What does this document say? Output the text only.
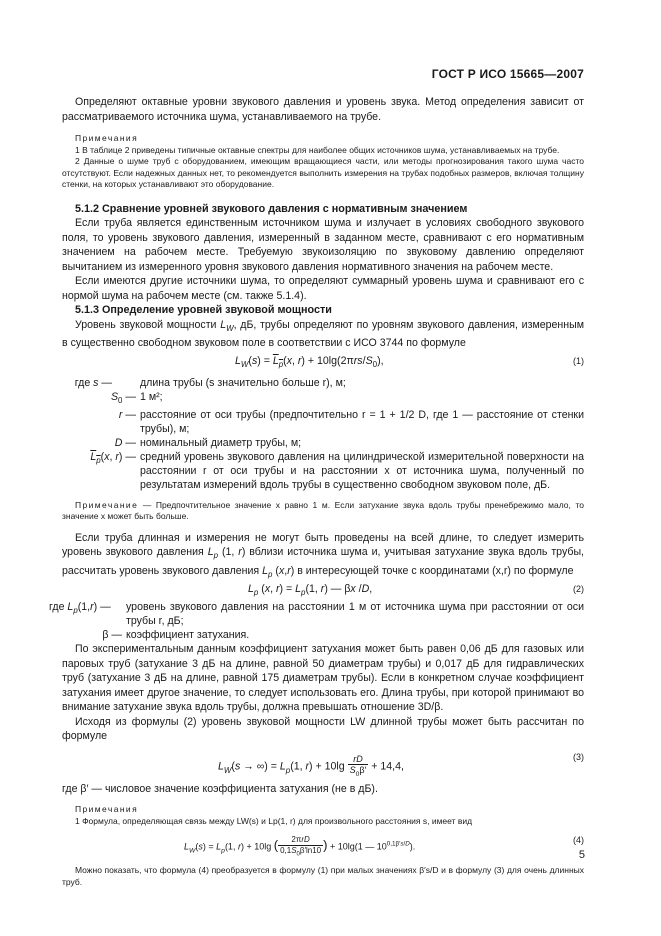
ГОСТ Р ИСО 15665—2007

Определяют октавные уровни звукового давления и уровень звука. Метод определения зависит от рассматриваемого источника шума, устанавливаемого на трубе.

Примечания

1 В таблице 2 приведены типичные октавные спектры для наиболее общих источников шума, устанавливаемых на трубе.

2 Данные о шуме труб с оборудованием, имеющим вращающиеся части, или методы прогнозирования такого шума часто отсутствуют. Если надежных данных нет, то рекомендуется выполнить измерения на трубах подобных размеров, включая толщину стенки, на которых устанавливают это оборудование.

5.1.2 Сравнение уровней звукового давления с нормативным значением

Если труба является единственным источником шума и излучает в условиях свободного звукового поля, то уровень звукового давления, измеренный в заданном месте, сравнивают с его нормативным значением на рабочем месте. Требуемую звукоизоляцию по звуковому давлению определяют вычитанием из измеренного уровня звукового давления нормативного значения на рабочем месте.

Если имеются другие источники шума, то определяют суммарный уровень шума и сравнивают его с нормой шума на рабочем месте (см. также 5.1.4).

5.1.3 Определение уровней звуковой мощности

Уровень звуковой мощности $L_W$, дБ, трубы определяют по уровням звукового давления, измеренным в существенно свободном звуковом поле в соответствии с ИСО 3744 по формуле

$L_W(s) = L_p(x$, $r) + 10\lg(2\pi rs/S_0)$,	(1)
где s —	длина трубы (s значительно больше r), м;
$S_0$ — 1 м²;
r — расстояние от оси трубы (предпочтительно r = 1 + 1/2 D, где 1 — расстояние от стенки трубы), м;
D — номинальный диаметр трубы, м;
$L_p(x$, r) — средний уровень звукового давления на цилиндрической измерительной поверхности на расстоянии r от оси трубы и на расстоянии x от источника шума, полученный по результатам измерений вдоль трубы в существенно свободном звуковом поле, дБ.

Примечание — Предпочтительное значение x равно 1 м. Если затухание звука вдоль трубы пренебрежимо мало, то значение x может быть больше.

Если труба длинная и измерения не могут быть проведены на всей длине, то следует измерить уровень звукового давления $L_p$ (1, r) вблизи источника шума и, учитывая затухание звука вдоль трубы, рассчитать уровень звукового давления $L_p$ (x,r) в интересующей точке с координатами (x,r) по формуле

$L_p$ (x, $r) = L_p(1$, r) — βx /D,	(2)
где $L_p(1,r)$ —	уровень звукового давления на расстоянии 1 м от источника шума при расстоянии от оси трубы r, дБ;
β — коэффициент затухания.

По экспериментальным данным коэффициент затухания может быть равен 0,06 дБ для газовых или паровых труб (затухание 3 дБ на длине, равной 50 диаметрам трубы) и 0,017 дБ для гидравлических труб (затухание 3 дБ на длине, равной 175 диаметрам трубы). Если в конкретном случае коэффициент затухания имеет другое значение, то следует использовать его. Длина трубы, при которой принимают во внимание затухание звука вдоль трубы, должна превышать отношение 3D/β.

Исходя из формулы (2) уровень звуковой мощности LW длинной трубы может быть рассчитан по формуле

$L_W(s$ → ∞) = $L_p(1$, $r) + 10\lg \frac{rD}{S_0\beta'} + 14,4$,
(3)

где β′ — числовое значение коэффициента затухания (не в дБ).

Примечания

1 Формула, определяющая связь между LW(s) и Lp(1, r) для произвольного расстояния s, имеет вид

$L_W(s) = L_p(1$, r) + 10lg ( $\frac{\text{2πrD}}{0,1S_0\beta'\ln 10}$ ) + 10lg(1 — $10^{0,1\beta's/D}$).
(4)

Можно показать, что формула (4) преобразуется в формулу (1) при малых значениях β′s/D и в формулу (3) для очень длинных труб.

5
